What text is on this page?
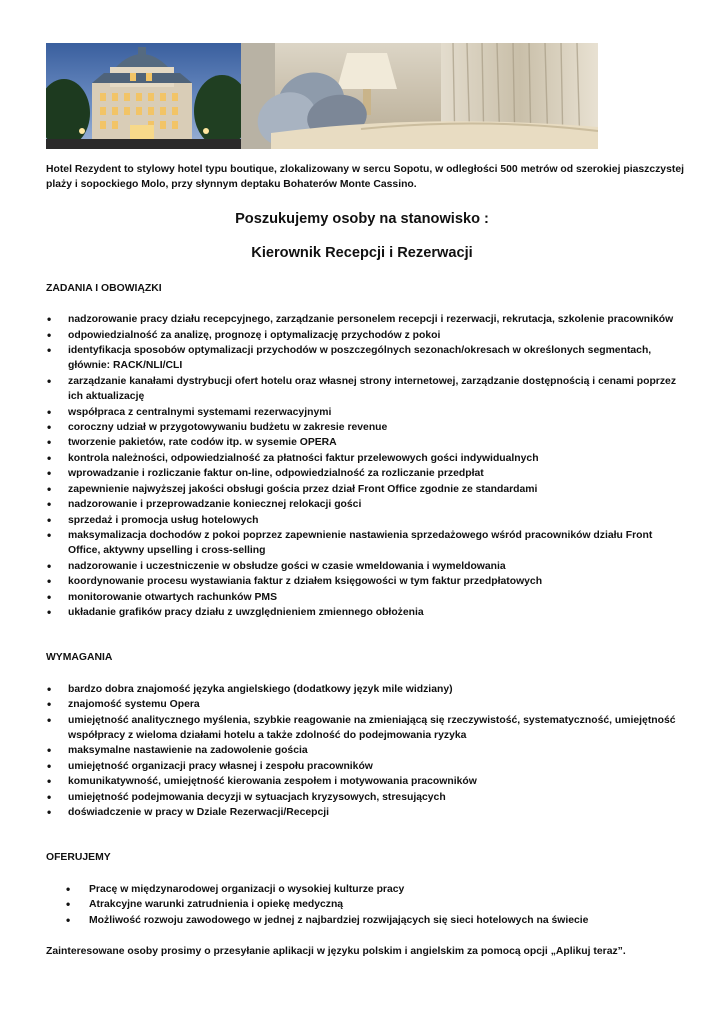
Hotel Rezydent to stylowy hotel typu boutique, zlokalizowany w sercu Sopotu, w odległości 500 metrów od szerokiej piaszczystej plaży i sopockiego Molo, przy słynnym deptaku Bohaterów Monte Cassino.

Poszukujemy osoby na stanowisko :
Kierownik Recepcji i Rezerwacji

ZADANIA I OBOWIĄZKI

• nadzorowanie pracy działu recepcyjnego, zarządzanie personelem recepcji i rezerwacji, rekrutacja, szkolenie pracowników
• odpowiedzialność za analizę, prognozę i optymalizację przychodów z pokoi
• identyfikacja sposobów optymalizacji przychodów w poszczególnych sezonach/okresach w określonych segmentach, głównie: RACK/NLI/CLI
• zarządzanie kanałami dystrybucji ofert hotelu oraz własnej strony internetowej, zarządzanie dostępnością i cenami poprzez ich aktualizację
• współpraca z centralnymi systemami rezerwacyjnymi
• coroczny udział w przygotowywaniu budżetu w zakresie revenue
• tworzenie pakietów, rate codów itp. w sysemie OPERA
• kontrola należności, odpowiedzialność za płatności faktur przelewowych gości indywidualnych
• wprowadzanie i rozliczanie faktur on-line, odpowiedzialność za rozliczanie przedpłat
• zapewnienie najwyższej jakości obsługi gościa przez dział Front Office zgodnie ze standardami
• nadzorowanie i przeprowadzanie koniecznej relokacji gości
• sprzedaż i promocja usług hotelowych
• maksymalizacja dochodów z pokoi poprzez zapewnienie nastawienia sprzedażowego wśród pracowników działu Front Office, aktywny upselling i cross-selling
• nadzorowanie i uczestniczenie w obsłudze gości w czasie wmeldowania i wymeldowania
• koordynowanie procesu wystawiania faktur z działem księgowości w tym faktur przedpłatowych
• monitorowanie otwartych rachunków PMS
• układanie grafików pracy działu z uwzględnieniem zmiennego obłożenia

WYMAGANIA

• bardzo dobra znajomość języka angielskiego (dodatkowy język mile widziany)
• znajomość systemu Opera
• umiejętność analitycznego myślenia, szybkie reagowanie na zmieniającą się rzeczywistość, systematyczność, umiejętność współpracy z wieloma działami hotelu a także zdolność do podejmowania ryzyka
• maksymalne nastawienie na zadowolenie gościa
• umiejętność organizacji pracy własnej i zespołu pracowników
• komunikatywność, umiejętność kierowania zespołem i motywowania pracowników
• umiejętność podejmowania decyzji w sytuacjach kryzysowych, stresujących
• doświadczenie w pracy w Dziale Rezerwacji/Recepcji

OFERUJEMY

• Pracę w międzynarodowej organizacji o wysokiej kulturze pracy
• Atrakcyjne warunki zatrudnienia i opiekę medyczną
• Możliwość rozwoju zawodowego w jednej z najbardziej rozwijających się sieci hotelowych na świecie

Zainteresowane osoby prosimy o przesyłanie aplikacji w języku polskim i angielskim za pomocą opcji „Aplikuj teraz”.
